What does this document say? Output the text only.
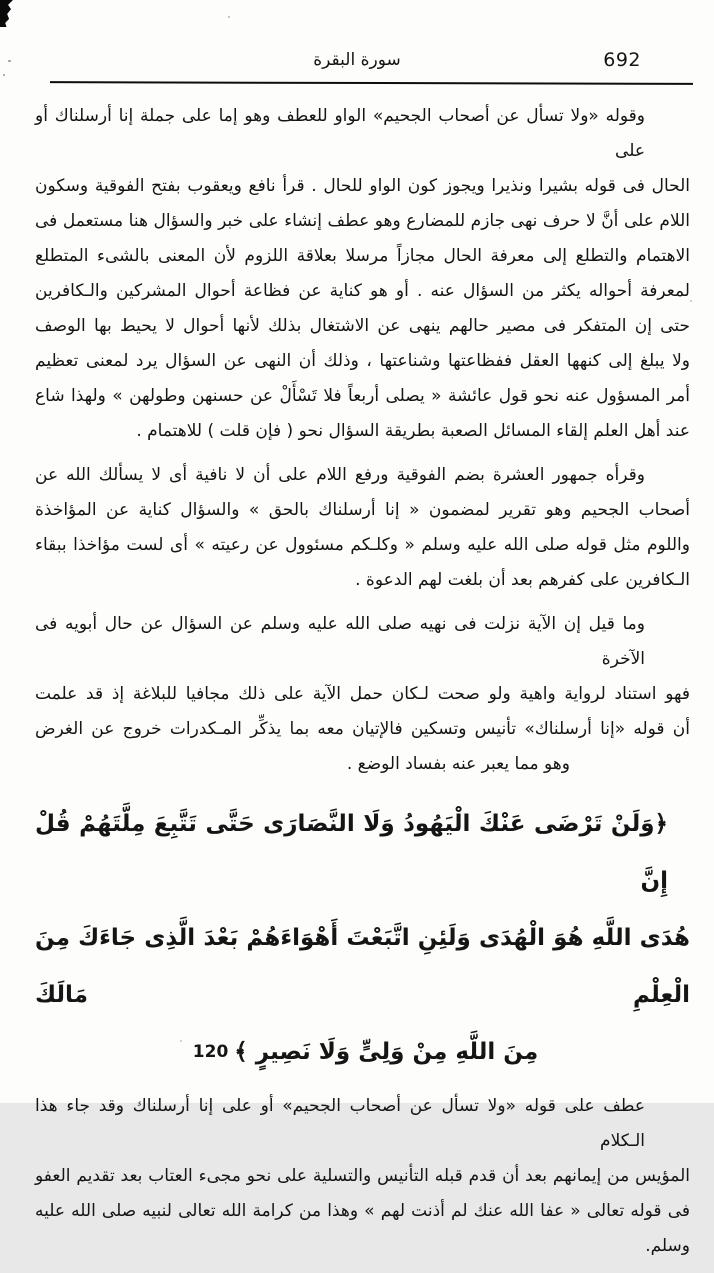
سورة البقرة	692
وقوله «ولا تسأل عن أصحاب الجحيم» الواو للعطف وهو إما على جملة إنا أرسلناك أو على
الحال فى قوله بشيرا ونذيرا ويجوز كون الواو للحال . قرأ نافع ويعقوب بفتح الفوقية وسكون
اللام على أنَّ لا حرف نهى جازم للمضارع وهو عطف إنشاء على خبر والسؤال هنا مستعمل فى
الاهتمام والتطلع إلى معرفة الحال مجازاً مرسلا بعلاقة اللزوم لأن المعنى بالشىء المتطلع
لمعرفة أحواله يكثر من السؤال عنه . أو هو كناية عن فظاعة أحوال المشركين والـكافرين
حتى إن المتفكر فى مصير حالهم ينهى عن الاشتغال بذلك لأنها أحوال لا يحيط بها الوصف
ولا يبلغ إلى كنهها العقل ففظاعتها وشناعتها ، وذلك أن النهى عن السؤال يرد لمعنى تعظيم
أمر المسؤول عنه نحو قول عائشة « يصلى أربعاً فلا تَسْأَلْ عن حسنهن وطولهن » ولهذا شاع
عند أهل العلم إلقاء المسائل الصعبة بطريقة السؤال نحو ( فإن قلت ) للاهتمام .
وقرأه جمهور العشرة بضم الفوقية ورفع اللام على أن لا نافية أى لا يسألك الله عن
أصحاب الجحيم وهو تقرير لمضمون « إنا أرسلناك بالحق » والسؤال كناية عن المؤاخذة
واللوم مثل قوله صلى الله عليه وسلم « وكلـكم مسئوول عن رعيته » أى لست مؤاخذا ببقاء
الـكافرين على كفرهم بعد أن بلغت لهم الدعوة .
وما قيل إن الآية نزلت فى نهيه صلى الله عليه وسلم عن السؤال عن حال أبويه فى الآخرة
فهو استناد لرواية واهية ولو صحت لـكان حمل الآية على ذلك مجافيا للبلاغة إذ قد علمت
أن قوله «إنا أرسلناك» تأنيس وتسكين فالإتيان معه بما يذكِّر المـكدرات خروج عن الغرض
وهو مما يعبر عنه بفساد الوضع .
﴿وَلَنْ تَرْضَى عَنْكَ الْيَهُودُ وَلَا النَّصَارَى حَتَّى تَتَّبِعَ مِلَّتَهُمْ قُلْ إِنَّ
هُدَى اللَّهِ هُوَ الْهُدَى وَلَئِنِ اتَّبَعْتَ أَهْوَاءَهُمْ بَعْدَ الَّذِى جَاءَكَ مِنَ الْعِلْمِ مَالَكَ
مِنَ اللَّهِ مِنْ وَلِىٍّ وَلَا نَصِيرٍ ﴾120
عطف على قوله «ولا تسأل عن أصحاب الجحيم» أو على إنا أرسلناك وقد جاء هذا الـكلام
المؤيس من إيمانهم بعد أن قدم قبله التأنيس والتسلية على نحو مجىء العتاب بعد تقديم العفو
فى قوله تعالى « عفا الله عنك لم أذنت لهم » وهذا من كرامة الله تعالى لنبيه صلى الله عليه وسلم.
